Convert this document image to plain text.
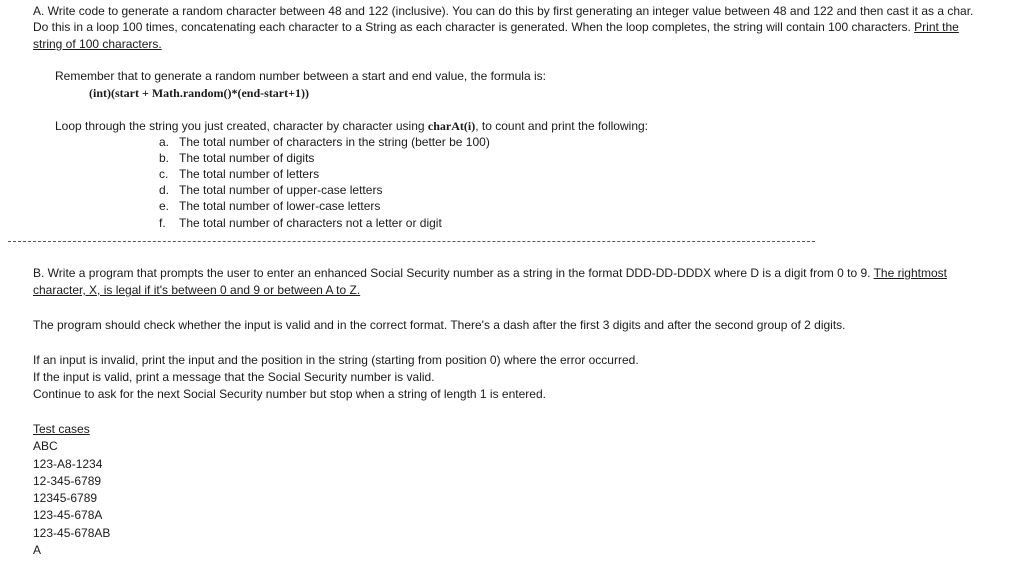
A. Write code to generate a random character between 48 and 122 (inclusive). You can do this by first generating an integer value between 48 and 122 and then cast it as a char.
Do this in a loop 100 times, concatenating each character to a String as each character is generated. When the loop completes, the string will contain 100 characters. Print the
string of 100 characters.
Remember that to generate a random number between a start and end value, the formula is:
(int)(start + Math.random()*(end-start+1))
Loop through the string you just created, character by character using charAt(i), to count and print the following:
a. The total number of characters in the string (better be 100)
b. The total number of digits
c. The total number of letters
d. The total number of upper-case letters
e. The total number of lower-case letters
f. The total number of characters not a letter or digit
B. Write a program that prompts the user to enter an enhanced Social Security number as a string in the format DDD-DD-DDDX where D is a digit from 0 to 9. The rightmost
character, X, is legal if it's between 0 and 9 or between A to Z.
The program should check whether the input is valid and in the correct format. There's a dash after the first 3 digits and after the second group of 2 digits.
If an input is invalid, print the input and the position in the string (starting from position 0) where the error occurred.
If the input is valid, print a message that the Social Security number is valid.
Continue to ask for the next Social Security number but stop when a string of length 1 is entered.
Test cases
ABC
123-A8-1234
12-345-6789
12345-6789
123-45-678A
123-45-678AB
A
